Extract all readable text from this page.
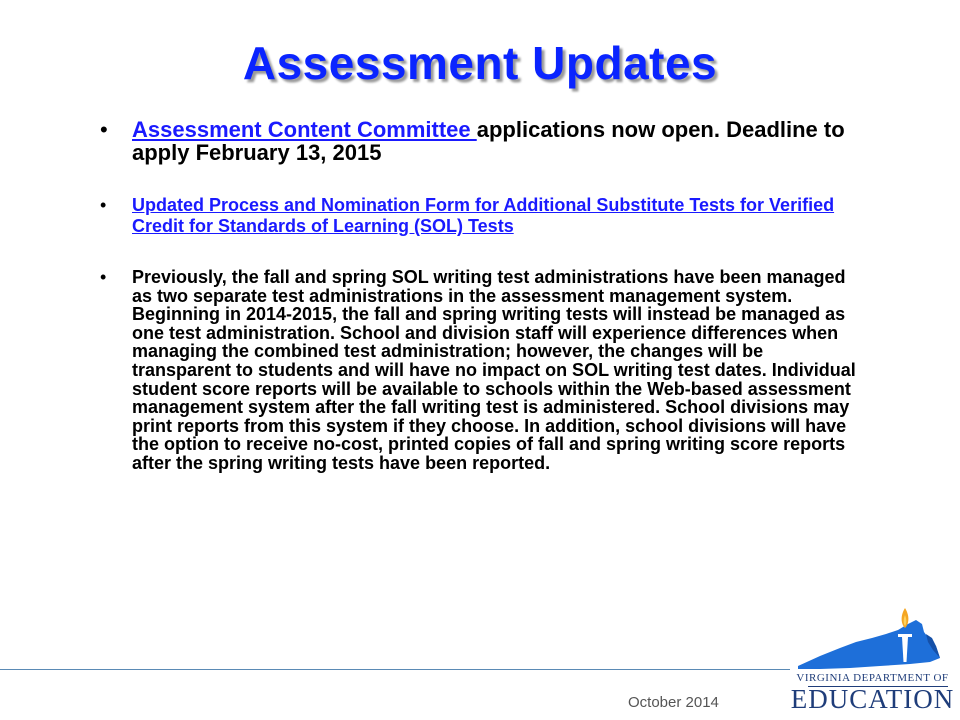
Assessment Updates
• Assessment Content Committee applications now open. Deadline to apply February 13, 2015
• Updated Process and Nomination Form for Additional Substitute Tests for Verified Credit for Standards of Learning (SOL) Tests
• Previously, the fall and spring SOL writing test administrations have been managed as two separate test administrations in the assessment management system. Beginning in 2014-2015, the fall and spring writing tests will instead be managed as one test administration. School and division staff will experience differences when managing the combined test administration; however, the changes will be transparent to students and will have no impact on SOL writing test dates. Individual student score reports will be available to schools within the Web-based assessment management system after the fall writing test is administered. School divisions may print reports from this system if they choose. In addition, school divisions will have the option to receive no-cost, printed copies of fall and spring writing score reports after the spring writing tests have been reported.
October 2014
VIRGINIA DEPARTMENT OF
EDUCATION
